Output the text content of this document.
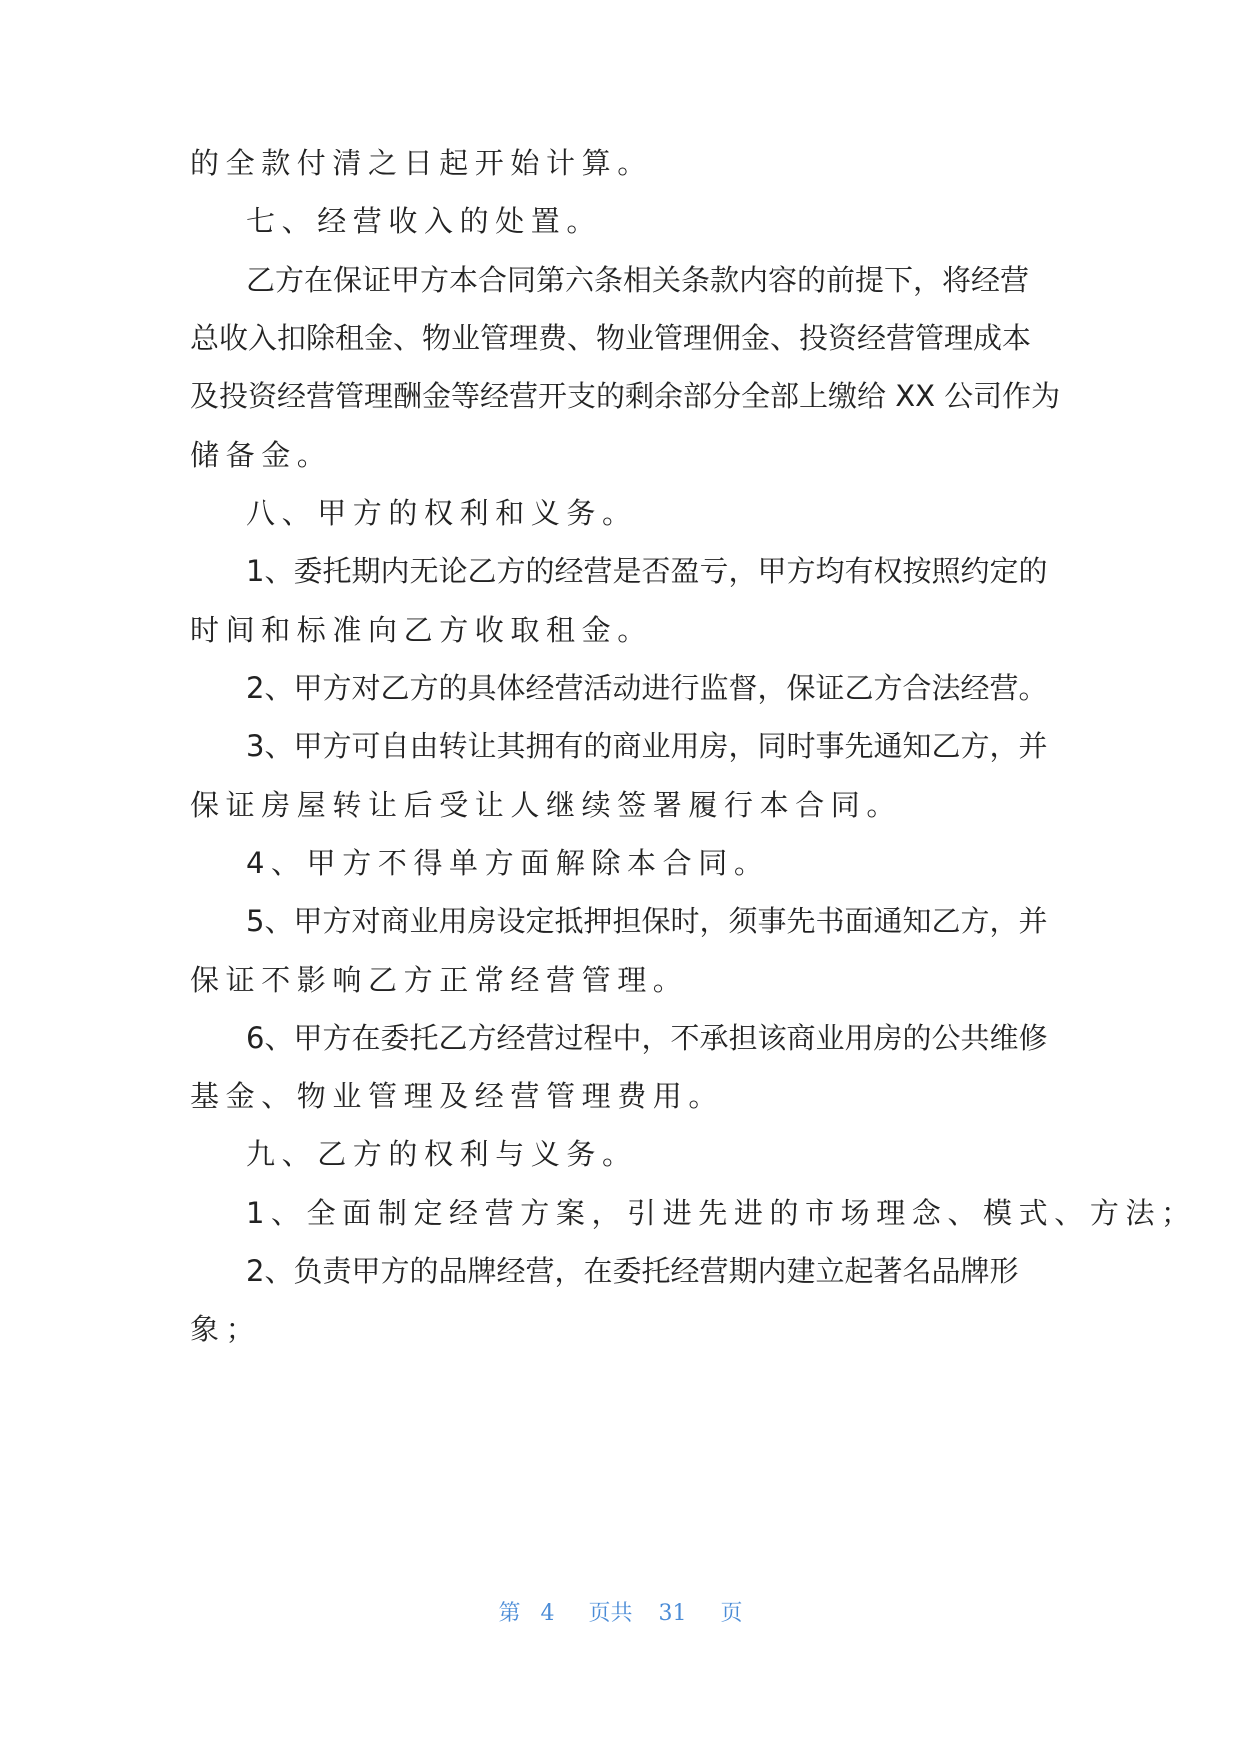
的全款付清之日起开始计算。
七、经营收入的处置。
乙方在保证甲方本合同第六条相关条款内容的前提下，将经营
总收入扣除租金、物业管理费、物业管理佣金、投资经营管理成本
及投资经营管理酬金等经营开支的剩余部分全部上缴给 XX 公司作为
储备金。
八、甲方的权利和义务。
1、委托期内无论乙方的经营是否盈亏，甲方均有权按照约定的
时间和标准向乙方收取租金。
2、甲方对乙方的具体经营活动进行监督，保证乙方合法经营。
3、甲方可自由转让其拥有的商业用房，同时事先通知乙方，并
保证房屋转让后受让人继续签署履行本合同。
4、甲方不得单方面解除本合同。
5、甲方对商业用房设定抵押担保时，须事先书面通知乙方，并
保证不影响乙方正常经营管理。
6、甲方在委托乙方经营过程中，不承担该商业用房的公共维修
基金、物业管理及经营管理费用。
九、乙方的权利与义务。
1、全面制定经营方案，引进先进的市场理念、模式、方法；
2、负责甲方的品牌经营，在委托经营期内建立起著名品牌形
象；
第 4 页共 31 页
